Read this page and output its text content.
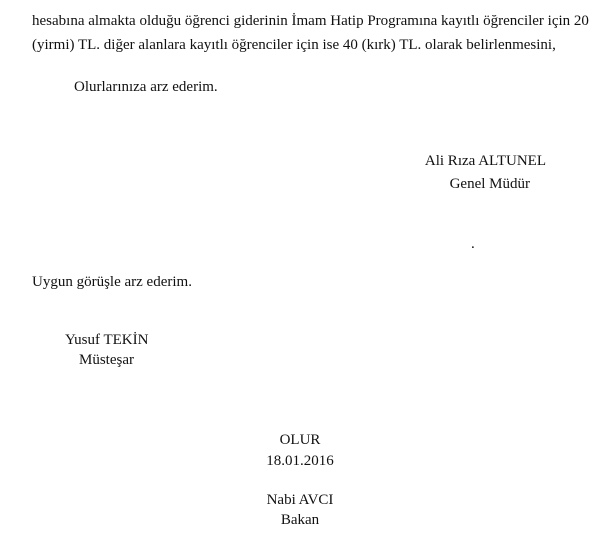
hesabına almakta olduğu öğrenci giderinin İmam Hatip Programına kayıtlı öğrenciler için 20
(yirmi) TL. diğer alanlara kayıtlı öğrenciler için ise 40 (kırk) TL. olarak belirlenmesini,
Olurlarınıza arz ederim.
Ali Rıza ALTUNEL
Genel Müdür
.
Uygun görüşle arz ederim.
Yusuf TEKİN
Müsteşar
OLUR
18.01.2016
Nabi AVCI
Bakan
